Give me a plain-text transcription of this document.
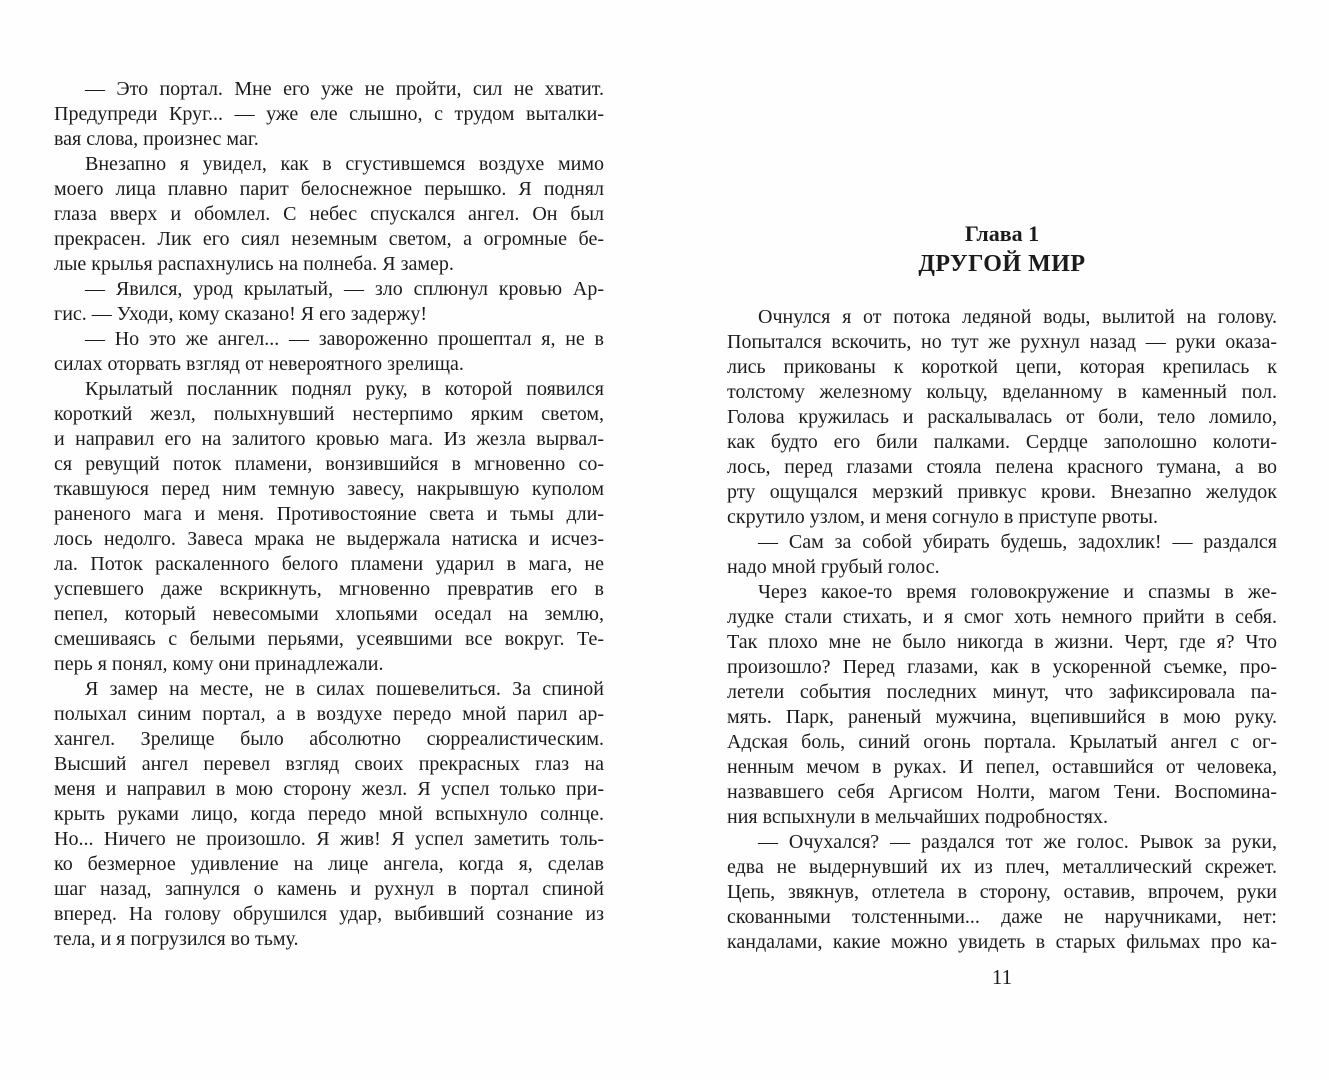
— Это портал. Мне его уже не пройти, сил не хватит.
Предупреди Круг... — уже еле слышно, с трудом выталки-
вая слова, произнес маг.
Внезапно я увидел, как в сгустившемся воздухе мимо
моего лица плавно парит белоснежное перышко. Я поднял
глаза вверх и обомлел. С небес спускался ангел. Он был
прекрасен. Лик его сиял неземным светом, а огромные бе-
лые крылья распахнулись на полнеба. Я замер.
— Явился, урод крылатый, — зло сплюнул кровью Ар-
гис. — Уходи, кому сказано! Я его задержу!
— Но это же ангел... — завороженно прошептал я, не в
силах оторвать взгляд от невероятного зрелища.
Крылатый посланник поднял руку, в которой появился
короткий жезл, полыхнувший нестерпимо ярким светом,
и направил его на залитого кровью мага. Из жезла вырвал-
ся ревущий поток пламени, вонзившийся в мгновенно со-
ткавшуюся перед ним темную завесу, накрывшую куполом
раненого мага и меня. Противостояние света и тьмы дли-
лось недолго. Завеса мрака не выдержала натиска и исчез-
ла. Поток раскаленного белого пламени ударил в мага, не
успевшего даже вскрикнуть, мгновенно превратив его в
пепел, который невесомыми хлопьями оседал на землю,
смешиваясь с белыми перьями, усеявшими все вокруг. Те-
перь я понял, кому они принадлежали.
Я замер на месте, не в силах пошевелиться. За спиной
полыхал синим портал, а в воздухе передо мной парил ар-
хангел. Зрелище было абсолютно сюрреалистическим.
Высший ангел перевел взгляд своих прекрасных глаз на
меня и направил в мою сторону жезл. Я успел только при-
крыть руками лицо, когда передо мной вспыхнуло солнце.
Но... Ничего не произошло. Я жив! Я успел заметить толь-
ко безмерное удивление на лице ангела, когда я, сделав
шаг назад, запнулся о камень и рухнул в портал спиной
вперед. На голову обрушился удар, выбивший сознание из
тела, и я погрузился во тьму.
Глава 1
ДРУГОЙ МИР
Очнулся я от потока ледяной воды, вылитой на голову.
Попытался вскочить, но тут же рухнул назад — руки оказа-
лись прикованы к короткой цепи, которая крепилась к
толстому железному кольцу, вделанному в каменный пол.
Голова кружилась и раскалывалась от боли, тело ломило,
как будто его били палками. Сердце заполошно колоти-
лось, перед глазами стояла пелена красного тумана, а во
рту ощущался мерзкий привкус крови. Внезапно желудок
скрутило узлом, и меня согнуло в приступе рвоты.
— Сам за собой убирать будешь, задохлик! — раздался
надо мной грубый голос.
Через какое-то время головокружение и спазмы в же-
лудке стали стихать, и я смог хоть немного прийти в себя.
Так плохо мне не было никогда в жизни. Черт, где я? Что
произошло? Перед глазами, как в ускоренной съемке, про-
летели события последних минут, что зафиксировала па-
мять. Парк, раненый мужчина, вцепившийся в мою руку.
Адская боль, синий огонь портала. Крылатый ангел с ог-
ненным мечом в руках. И пепел, оставшийся от человека,
назвавшего себя Аргисом Нолти, магом Тени. Воспомина-
ния вспыхнули в мельчайших подробностях.
— Очухался? — раздался тот же голос. Рывок за руки,
едва не выдернувший их из плеч, металлический скрежет.
Цепь, звякнув, отлетела в сторону, оставив, впрочем, руки
скованными толстенными... даже не наручниками, нет:
кандалами, какие можно увидеть в старых фильмах про ка-
11
